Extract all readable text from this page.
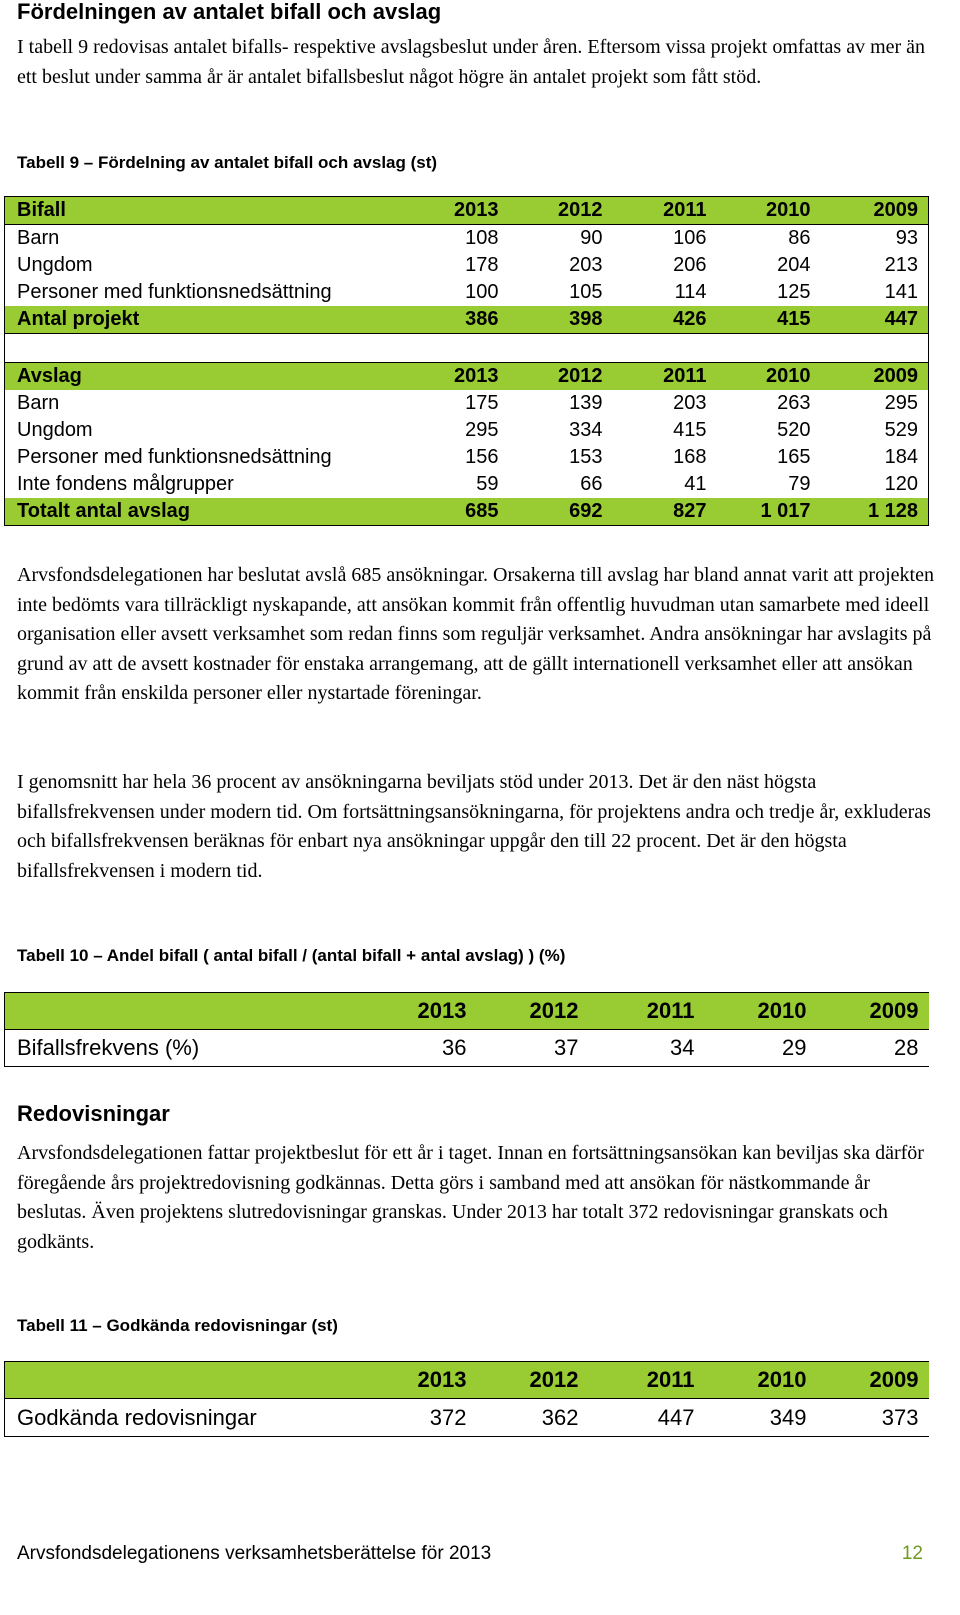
Fördelningen av antalet bifall och avslag

I tabell 9 redovisas antalet bifalls- respektive avslagsbeslut under åren. Eftersom vissa projekt omfattas av mer än ett beslut under samma år är antalet bifallsbeslut något högre än antalet projekt som fått stöd.

Tabell 9 – Fördelning av antalet bifall och avslag (st)
Bifall	2013	2012	2011	2010	2009
Barn	108	90	106	86	93
Ungdom	178	203	206	204	213
Personer med funktionsnedsättning	100	105	114	125	141
Antal projekt	386	398	426	415	447

Avslag	2013	2012	2011	2010	2009
Barn	175	139	203	263	295
Ungdom	295	334	415	520	529
Personer med funktionsnedsättning	156	153	168	165	184
Inte fondens målgrupper	59	66	41	79	120
Totalt antal avslag	685	692	827	1 017	1 128

Arvsfondsdelegationen har beslutat avslå 685 ansökningar. Orsakerna till avslag har bland annat varit att projekten inte bedömts vara tillräckligt nyskapande, att ansökan kommit från offentlig huvudman utan samarbete med ideell organisation eller avsett verksamhet som redan finns som reguljär verksamhet. Andra ansökningar har avslagits på grund av att de avsett kostnader för enstaka arrangemang, att de gällt internationell verksamhet eller att ansökan kommit från enskilda personer eller nystartade föreningar.

I genomsnitt har hela 36 procent av ansökningarna beviljats stöd under 2013. Det är den näst högsta bifallsfrekvensen under modern tid. Om fortsättningsansökningarna, för projektens andra och tredje år, exkluderas och bifallsfrekvensen beräknas för enbart nya ansökningar uppgår den till 22 procent. Det är den högsta bifallsfrekvensen i modern tid.

Tabell 10 – Andel bifall ( antal bifall / (antal bifall + antal avslag) ) (%)
	2013	2012	2011	2010	2009
Bifallsfrekvens (%)	36	37	34	29	28
Redovisningar

Arvsfondsdelegationen fattar projektbeslut för ett år i taget. Innan en fortsättningsansökan kan beviljas ska därför föregående års projektredovisning godkännas. Detta görs i samband med att ansökan för nästkommande år beslutas. Även projektens slutredovisningar granskas. Under 2013 har totalt 372 redovisningar granskats och godkänts.

Tabell 11 – Godkända redovisningar (st)
	2013	2012	2011	2010	2009
Godkända redovisningar	372	362	447	349	373
Arvsfondsdelegationens verksamhetsberättelse för 2013	12
